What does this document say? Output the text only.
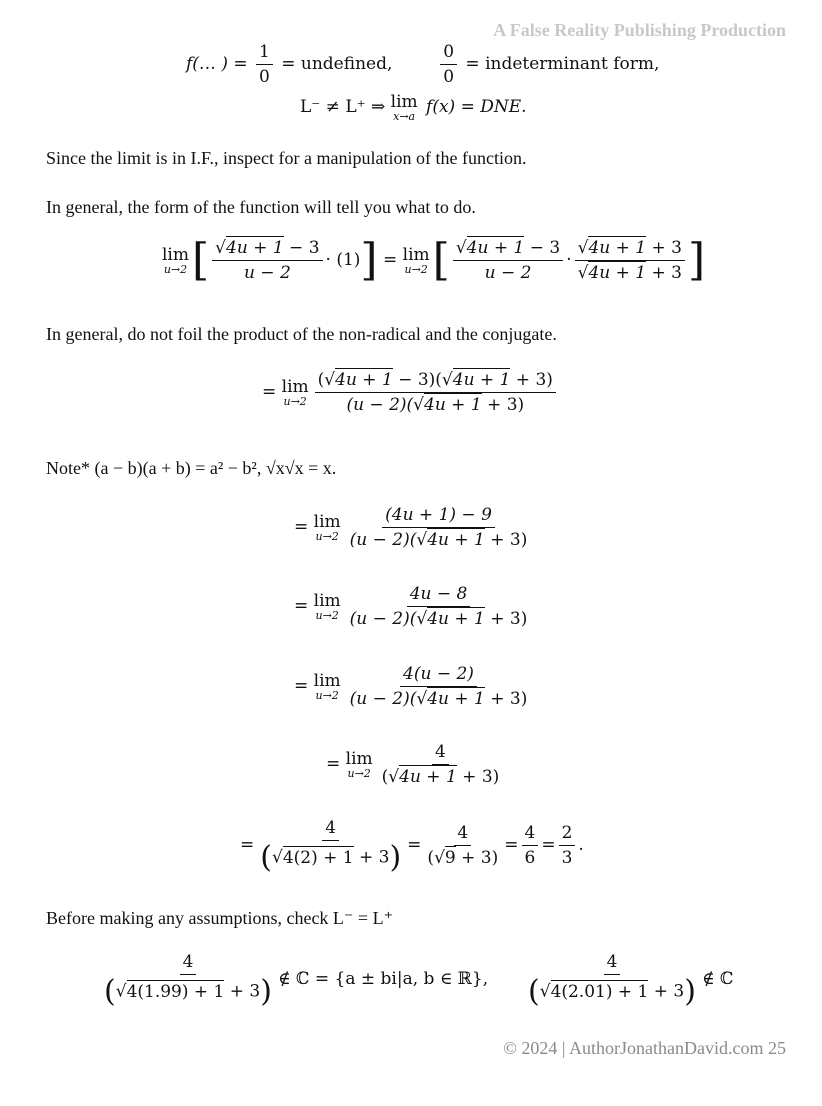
A False Reality Publishing Production
f(… ) = $\frac{1}{0}$ = undefined,	$\frac{0}{0}$ = indeterminant form,
L⁻ ≠ L⁺ ⇒ lim
x→a f(x) = DNE.
Since the limit is in I.F., inspect for a manipulation of the function.
In general, the form of the function will tell you what to do.
lim
u→2 [ $\frac{√4u + 1 - 3}{u - 2} \cdot (1)] = \lim$
u→2 [ $\frac{√4u + 1 - 3}{u - 2} \cdot \frac{√4u + 1 + 3}{√4u + 1 + 3}$ ]
In general, do not foil the product of the non-radical and the conjugate.
= lim
$u\to 2 \frac{(√4u + 1 - 3)(√4u + 1 + 3)}{(u - 2)(√4u + 1 + 3)}$
Note* (a − b)(a + b) = a² − b², √x√x = x.
= lim
$u\to 2 \frac{(4u + 1) - 9}{(u - 2)(√4u + 1 + 3)}$
= lim
$u\to 2 \frac{4u - 8}{(u - 2)(√4u + 1 + 3)}$
= lim
$u\to 2 \frac{4(u - 2)}{(u - 2)(√4u + 1 + 3)}$
= lim
$u\to 2 \frac{4}{(√4u + 1 + 3)}$
= $\frac{4}{(√4(2) + 1 + 3)} = \frac{4}{(√9 + 3)} = \frac{4}{6} = \frac{2}{3}$ .
Before making any assumptions, check L⁻ = L⁺
$\frac{4}{(√4(1.99) + 1 + 3)}$ ∉ ℂ = {a ± bi|a, b ∈ ℝ}, $\frac{4}{(√4(2.01) + 1 + 3)}$ ∉ ℂ
© 2024 | AuthorJonathanDavid.com 25
